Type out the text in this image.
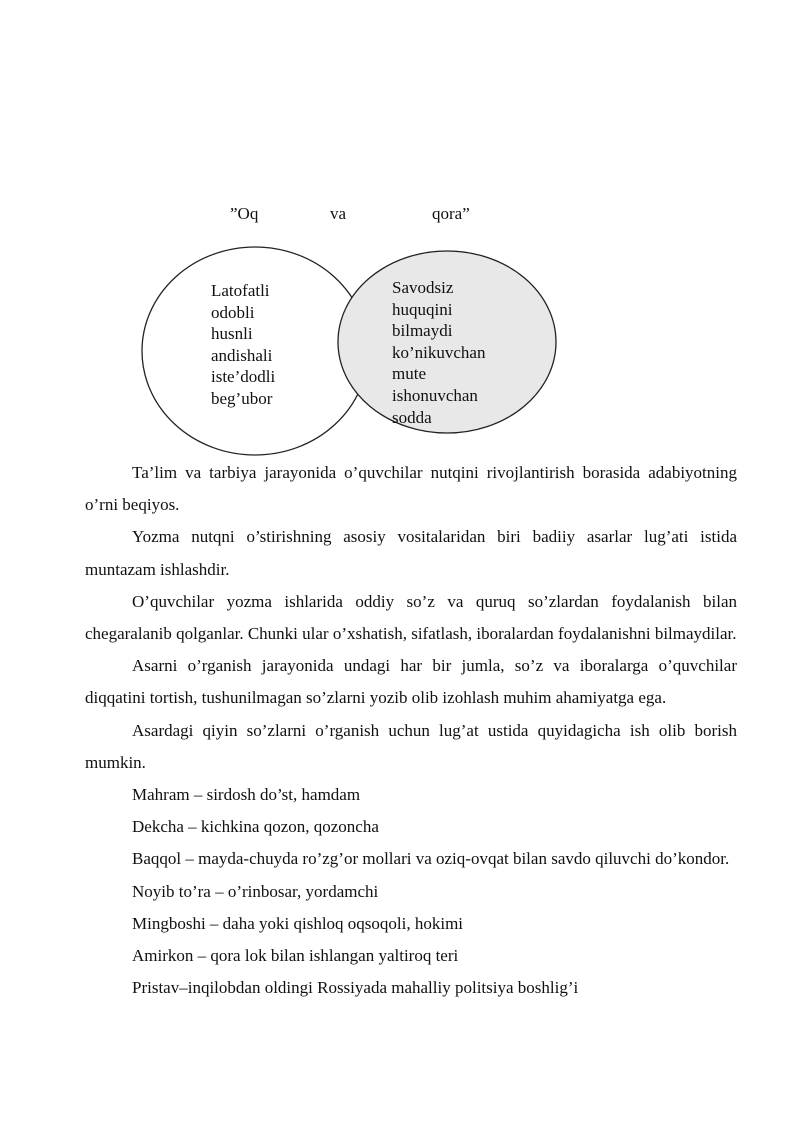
”Oq	va	qora”

Latofatli
odobli
husnli
andishali
iste’dodli
beg’ubor
Savodsiz
huquqini
bilmaydi
ko’nikuvchan
mute
ishonuvchan
sodda

Ta’lim va tarbiya jarayonida o’quvchilar nutqini rivojlantirish borasida adabiyotning o’rni beqiyos.

Yozma nutqni o’stirishning asosiy vositalaridan biri badiiy asarlar lug’ati istida muntazam ishlashdir.

O’quvchilar yozma ishlarida oddiy so’z va quruq so’zlardan foydalanish bilan chegaralanib qolganlar. Chunki ular o’xshatish, sifatlash, iboralardan foydalanishni bilmaydilar.

Asarni o’rganish jarayonida undagi har bir jumla, so’z va iboralarga o’quvchilar diqqatini tortish, tushunilmagan so’zlarni yozib olib izohlash muhim ahamiyatga ega.

Asardagi qiyin so’zlarni o’rganish uchun lug’at ustida quyidagicha ish olib borish mumkin.

Mahram – sirdosh do’st, hamdam

Dekcha – kichkina qozon, qozoncha

Baqqol – mayda-chuyda ro’zg’or mollari va oziq-ovqat bilan savdo qiluvchi do’kondor.

Noyib to’ra – o’rinbosar, yordamchi

Mingboshi – daha yoki qishloq oqsoqoli, hokimi

Amirkon – qora lok bilan ishlangan yaltiroq teri

Pristav–inqilobdan oldingi Rossiyada mahalliy politsiya boshlig’i
